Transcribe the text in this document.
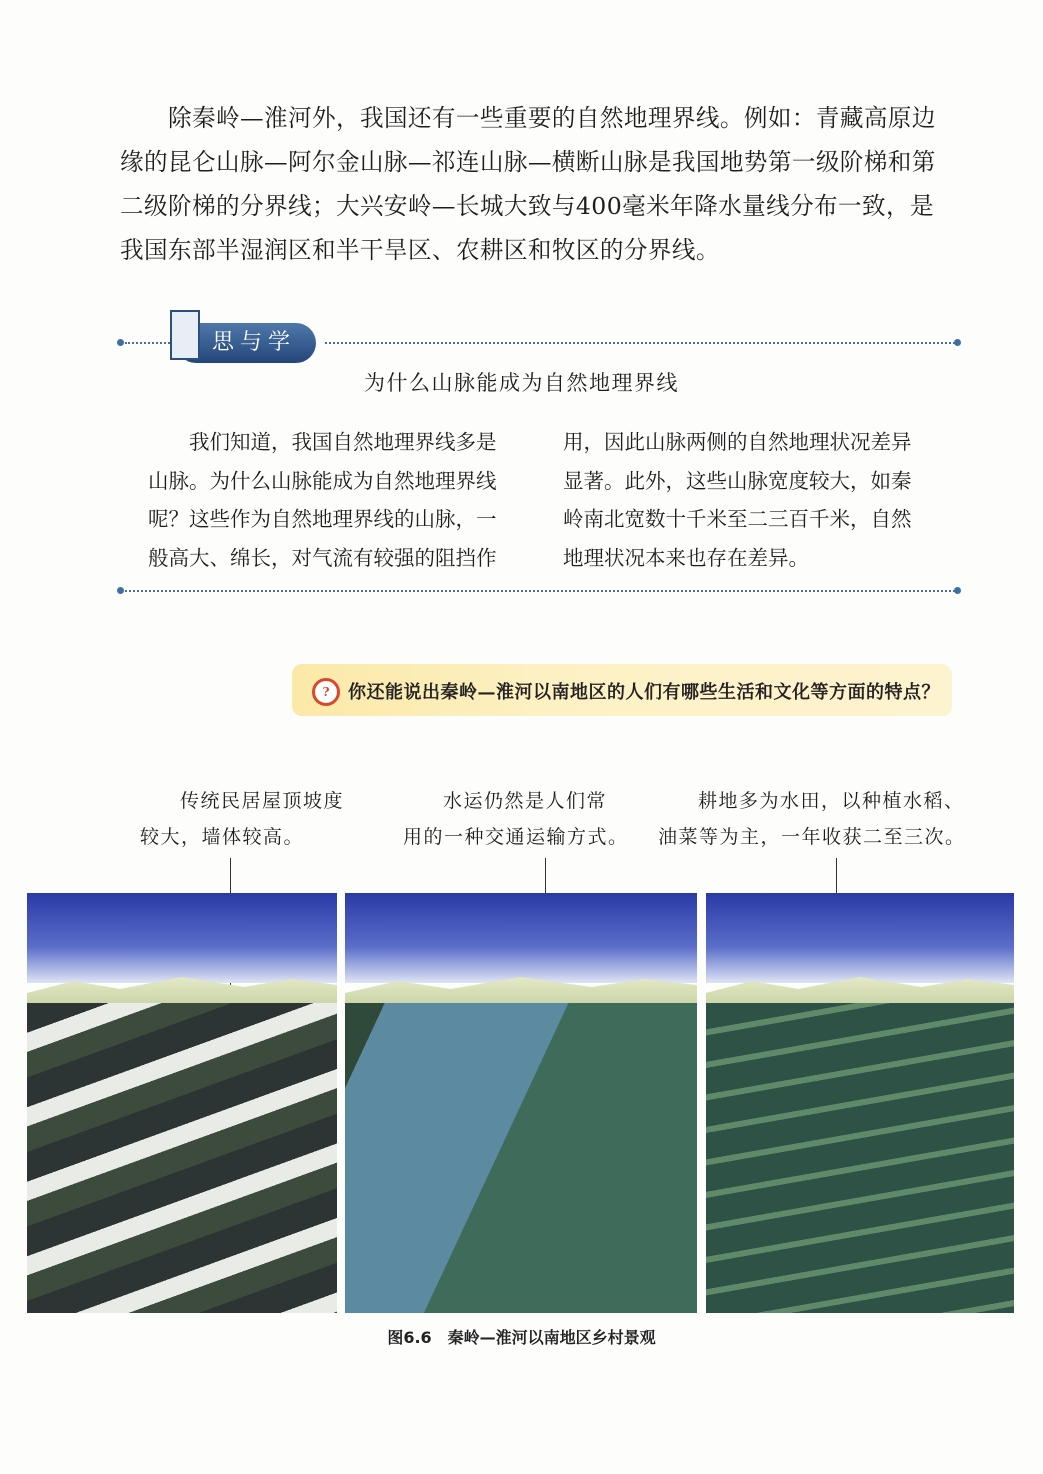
除秦岭—淮河外，我国还有一些重要的自然地理界线。例如：青藏高原边
缘的昆仑山脉—阿尔金山脉—祁连山脉—横断山脉是我国地势第一级阶梯和第
二级阶梯的分界线；大兴安岭—长城大致与400毫米年降水量线分布一致，是
我国东部半湿润区和半干旱区、农耕区和牧区的分界线。
思与学
为什么山脉能成为自然地理界线
我们知道，我国自然地理界线多是
山脉。为什么山脉能成为自然地理界线
呢？这些作为自然地理界线的山脉，一
般高大、绵长，对气流有较强的阻挡作
用，因此山脉两侧的自然地理状况差异
显著。此外，这些山脉宽度较大，如秦
岭南北宽数十千米至二三百千米，自然
地理状况本来也存在差异。
?	你还能说出秦岭—淮河以南地区的人们有哪些生活和文化等方面的特点？
传统民居屋顶坡度
较大，墙体较高。
水运仍然是人们常
用的一种交通运输方式。
耕地多为水田，以种植水稻、
油菜等为主，一年收获二至三次。
图6.6　秦岭—淮河以南地区乡村景观
